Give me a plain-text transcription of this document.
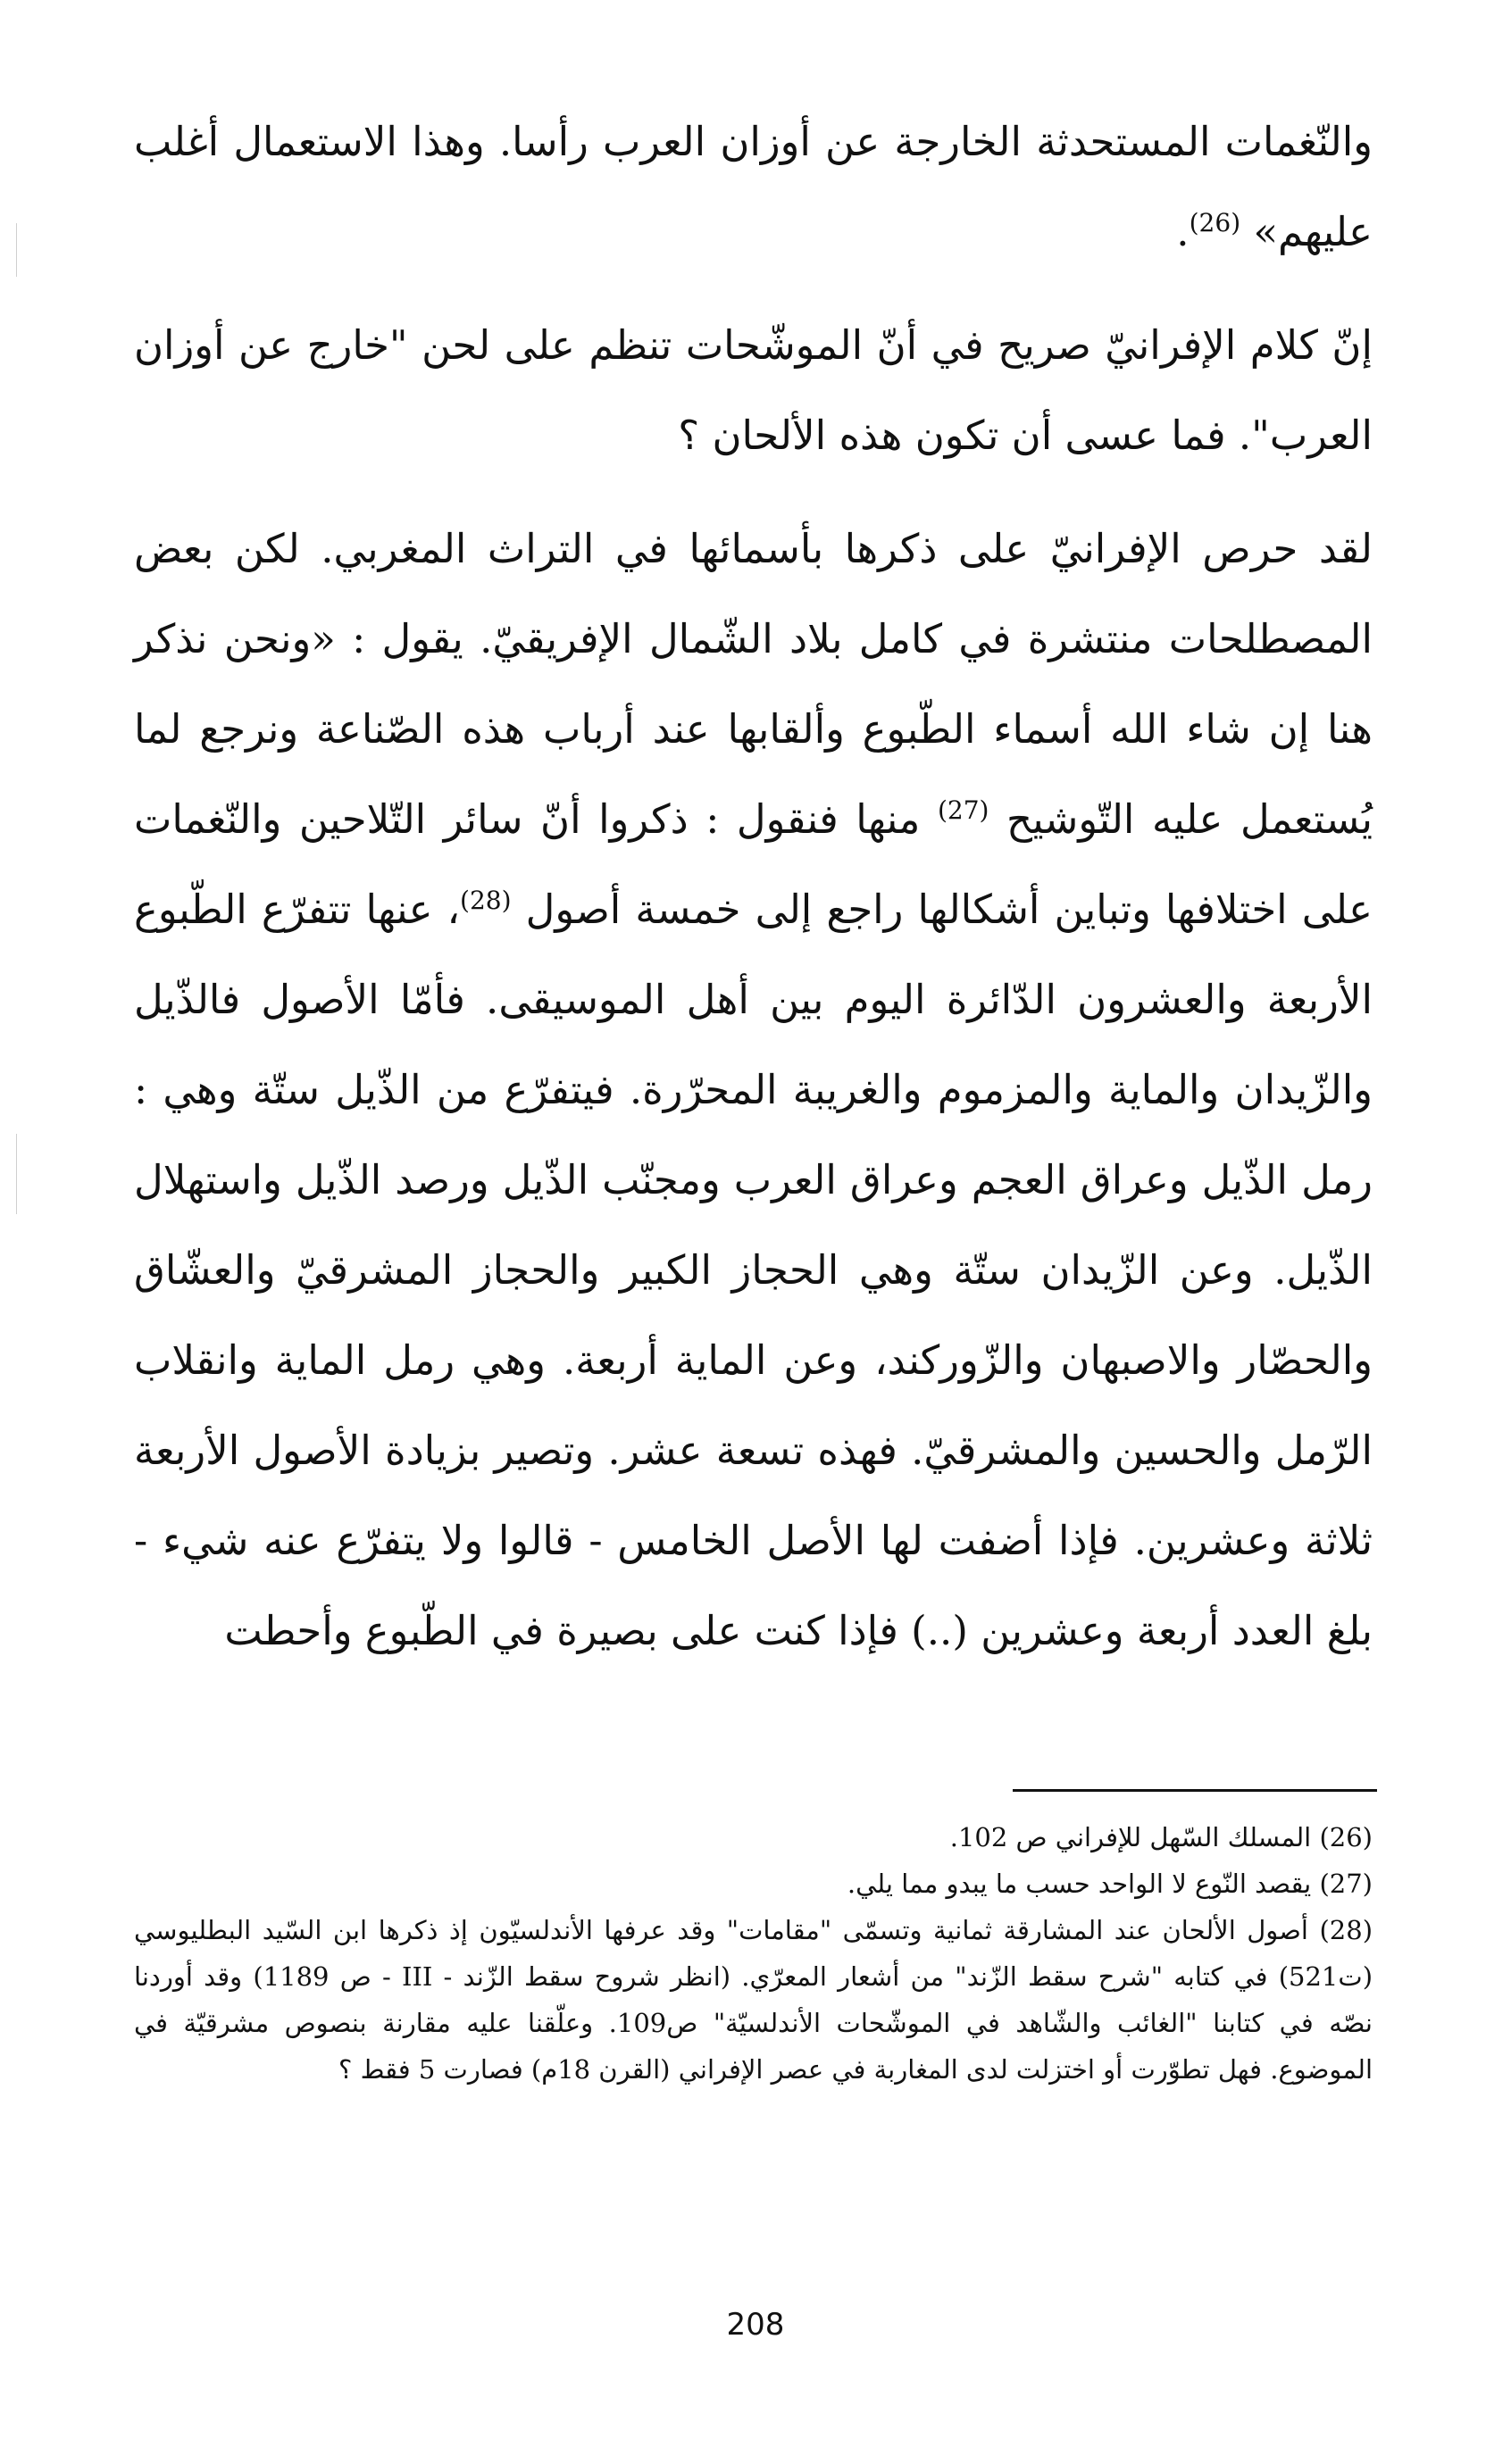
والنّغمات المستحدثة الخارجة عن أوزان العرب رأسا. وهذا الاستعمال أغلب عليهم» $^{(26)}$.

إنّ كلام الإفرانيّ صريح في أنّ الموشّحات تنظم على لحن "خارج عن أوزان العرب". فما عسى أن تكون هذه الألحان ؟

لقد حرص الإفرانيّ على ذكرها بأسمائها في التراث المغربي. لكن بعض المصطلحات منتشرة في كامل بلاد الشّمال الإفريقيّ. يقول : «ونحن نذكر هنا إن شاء الله أسماء الطّبوع وألقابها عند أرباب هذه الصّناعة ونرجع لما يُستعمل عليه التّوشيح $^{(27)}$ منها فنقول : ذكروا أنّ سائر التّلاحين والنّغمات على اختلافها وتباين أشكالها راجع إلى خمسة أصول $^{(28)}$، عنها تتفرّع الطّبوع الأربعة والعشرون الدّائرة اليوم بين أهل الموسيقى. فأمّا الأصول فالذّيل والزّيدان والماية والمزموم والغريبة المحرّرة. فيتفرّع من الذّيل ستّة وهي : رمل الذّيل وعراق العجم وعراق العرب ومجنّب الذّيل ورصد الذّيل واستهلال الذّيل. وعن الزّيدان ستّة وهي الحجاز الكبير والحجاز المشرقيّ والعشّاق والحصّار والاصبهان والزّوركند، وعن الماية أربعة. وهي رمل الماية وانقلاب الرّمل والحسين والمشرقيّ. فهذه تسعة عشر. وتصير بزيادة الأصول الأربعة ثلاثة وعشرين. فإذا أضفت لها الأصل الخامس - قالوا ولا يتفرّع عنه شيء - بلغ العدد أربعة وعشرين (..) فإذا كنت على بصيرة في الطّبوع وأحطت

(26) المسلك السّهل للإفراني ص 102.

(27) يقصد النّوع لا الواحد حسب ما يبدو مما يلي.

(28) أصول الألحان عند المشارقة ثمانية وتسمّى "مقامات" وقد عرفها الأندلسيّون إذ ذكرها ابن السّيد البطليوسي (ت521) في كتابه "شرح سقط الزّند" من أشعار المعرّي. (انظر شروح سقط الزّند - III - ص 1189) وقد أوردنا نصّه في كتابنا "الغائب والشّاهد في الموشّحات الأندلسيّة" ص109. وعلّقنا عليه مقارنة بنصوص مشرقيّة في الموضوع. فهل تطوّرت أو اختزلت لدى المغاربة في عصر الإفراني (القرن 18م) فصارت 5 فقط ؟

208
